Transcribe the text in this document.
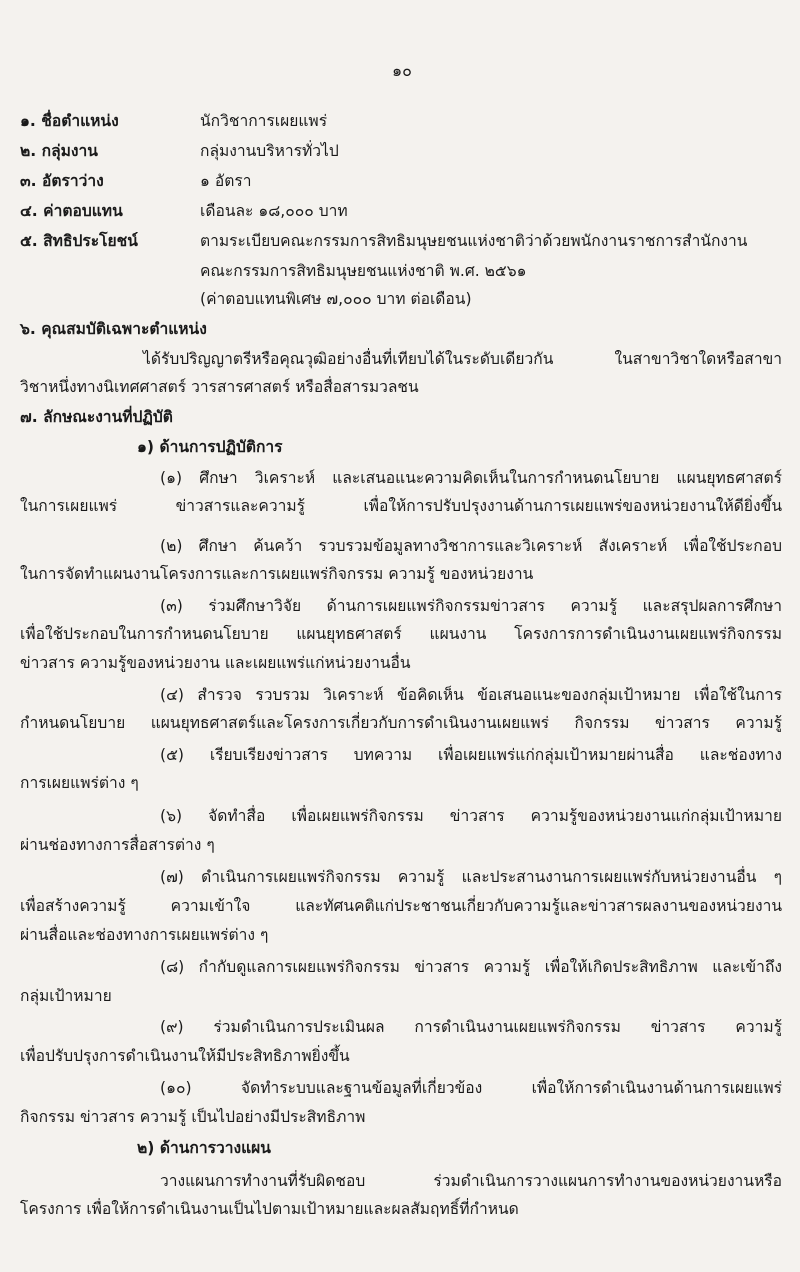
๑๐
๑. ชื่อตำแหน่ง	นักวิชาการเผยแพร่
๒. กลุ่มงาน	กลุ่มงานบริหารทั่วไป
๓. อัตราว่าง	๑ อัตรา
๔. ค่าตอบแทน	เดือนละ ๑๘,๐๐๐ บาท
๕. สิทธิประโยชน์	ตามระเบียบคณะกรรมการสิทธิมนุษยชนแห่งชาติว่าด้วยพนักงานราชการสำนักงาน
คณะกรรมการสิทธิมนุษยชนแห่งชาติ พ.ศ. ๒๕๖๑
(ค่าตอบแทนพิเศษ ๗,๐๐๐ บาท ต่อเดือน)
๖. คุณสมบัติเฉพาะตำแหน่ง
ได้รับปริญญาตรีหรือคุณวุฒิอย่างอื่นที่เทียบได้ในระดับเดียวกัน ในสาขาวิชาใดหรือสาขา
วิชาหนึ่งทางนิเทศศาสตร์ วารสารศาสตร์ หรือสื่อสารมวลชน
๗. ลักษณะงานที่ปฏิบัติ
๑) ด้านการปฏิบัติการ
(๑) ศึกษา วิเคราะห์ และเสนอแนะความคิดเห็นในการกำหนดนโยบาย แผนยุทธศาสตร์
ในการเผยแพร่ ข่าวสารและความรู้ เพื่อให้การปรับปรุงงานด้านการเผยแพร่ของหน่วยงานให้ดียิ่งขึ้น
(๒) ศึกษา ค้นคว้า รวบรวมข้อมูลทางวิชาการและวิเคราะห์ สังเคราะห์ เพื่อใช้ประกอบ
ในการจัดทำแผนงานโครงการและการเผยแพร่กิจกรรม ความรู้ ของหน่วยงาน
(๓) ร่วมศึกษาวิจัย ด้านการเผยแพร่กิจกรรมข่าวสาร ความรู้ และสรุปผลการศึกษา
เพื่อใช้ประกอบในการกำหนดนโยบาย แผนยุทธศาสตร์ แผนงาน โครงการการดำเนินงานเผยแพร่กิจกรรม
ข่าวสาร ความรู้ของหน่วยงาน และเผยแพร่แก่หน่วยงานอื่น
(๔) สำรวจ รวบรวม วิเคราะห์ ข้อคิดเห็น ข้อเสนอแนะของกลุ่มเป้าหมาย เพื่อใช้ในการ
กำหนดนโยบาย แผนยุทธศาสตร์และโครงการเกี่ยวกับการดำเนินงานเผยแพร่ กิจกรรม ข่าวสาร ความรู้
(๕) เรียบเรียงข่าวสาร บทความ เพื่อเผยแพร่แก่กลุ่มเป้าหมายผ่านสื่อ และช่องทาง
การเผยแพร่ต่าง ๆ
(๖) จัดทำสื่อ เพื่อเผยแพร่กิจกรรม ข่าวสาร ความรู้ของหน่วยงานแก่กลุ่มเป้าหมาย
ผ่านช่องทางการสื่อสารต่าง ๆ
(๗) ดำเนินการเผยแพร่กิจกรรม ความรู้ และประสานงานการเผยแพร่กับหน่วยงานอื่น ๆ
เพื่อสร้างความรู้ ความเข้าใจ และทัศนคติแก่ประชาชนเกี่ยวกับความรู้และข่าวสารผลงานของหน่วยงาน
ผ่านสื่อและช่องทางการเผยแพร่ต่าง ๆ
(๘) กำกับดูแลการเผยแพร่กิจกรรม ข่าวสาร ความรู้ เพื่อให้เกิดประสิทธิภาพ และเข้าถึง
กลุ่มเป้าหมาย
(๙) ร่วมดำเนินการประเมินผล การดำเนินงานเผยแพร่กิจกรรม ข่าวสาร ความรู้
เพื่อปรับปรุงการดำเนินงานให้มีประสิทธิภาพยิ่งขึ้น
(๑๐) จัดทำระบบและฐานข้อมูลที่เกี่ยวข้อง เพื่อให้การดำเนินงานด้านการเผยแพร่
กิจกรรม ข่าวสาร ความรู้ เป็นไปอย่างมีประสิทธิภาพ
๒) ด้านการวางแผน
วางแผนการทำงานที่รับผิดชอบ ร่วมดำเนินการวางแผนการทำงานของหน่วยงานหรือ
โครงการ เพื่อให้การดำเนินงานเป็นไปตามเป้าหมายและผลสัมฤทธิ์ที่กำหนด
